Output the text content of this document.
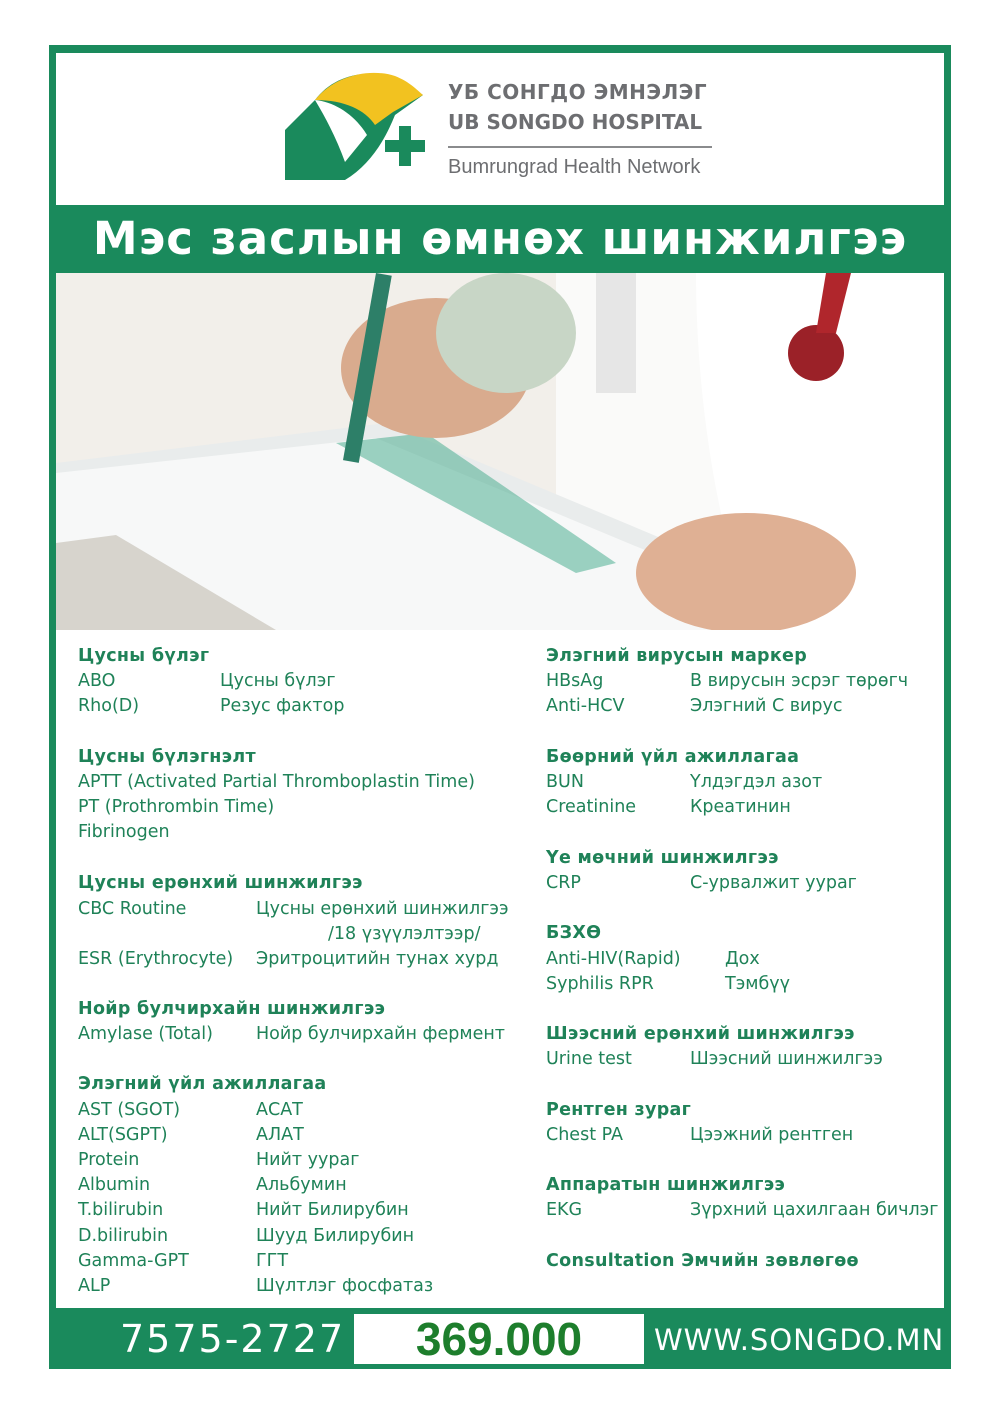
УБ СОНГДО ЭМНЭЛЭГ
UB SONGDO HOSPITAL
Bumrungrad Health Network
Мэс заслын өмнөх шинжилгээ
Цусны бүлэг
ABO	Цусны бүлэг
Rho(D)	Резус фактор
Цусны бүлэгнэлт
APTT (Activated Partial Thromboplastin Time)
PT (Prothrombin Time)
Fibrinogen
Цусны ерөнхий шинжилгээ
CBC Routine	Цусны ерөнхий шинжилгээ
/18 үзүүлэлтээр/
ESR (Erythrocyte) Эритроцитийн тунах хурд
Нойр булчирхайн шинжилгээ
Amylase (Total) Нойр булчирхайн фермент
Элэгний үйл ажиллагаа
AST (SGOT)	АСАТ
ALT(SGPT)	АЛАТ
Protein	Нийт уураг
Albumin	Альбумин
T.bilirubin	Нийт Билирубин
D.bilirubin	Шууд Билирубин
Gamma-GPT	ГГТ
ALP	Шүлтлэг фосфатаз
Элэгний вирусын маркер
HBsAg	В вирусын эсрэг төрөгч
Anti-HCV	Элэгний С вирус
Бөөрний үйл ажиллагаа
BUN	Үлдэгдэл азот
Creatinine	Креатинин
Үе мөчний шинжилгээ
CRP	С-урвалжит уураг
БЗХӨ
Anti-HIV(Rapid)	Дох
Syphilis RPR	Тэмбүү
Шээсний ерөнхий шинжилгээ
Urine test	Шээсний шинжилгээ
Рентген зураг
Chest PA	Цээжний рентген
Аппаратын шинжилгээ
EKG	Зүрхний цахилгаан бичлэг
Consultation Эмчийн зөвлөгөө
7575-2727	369.000	WWW.SONGDO.MN
